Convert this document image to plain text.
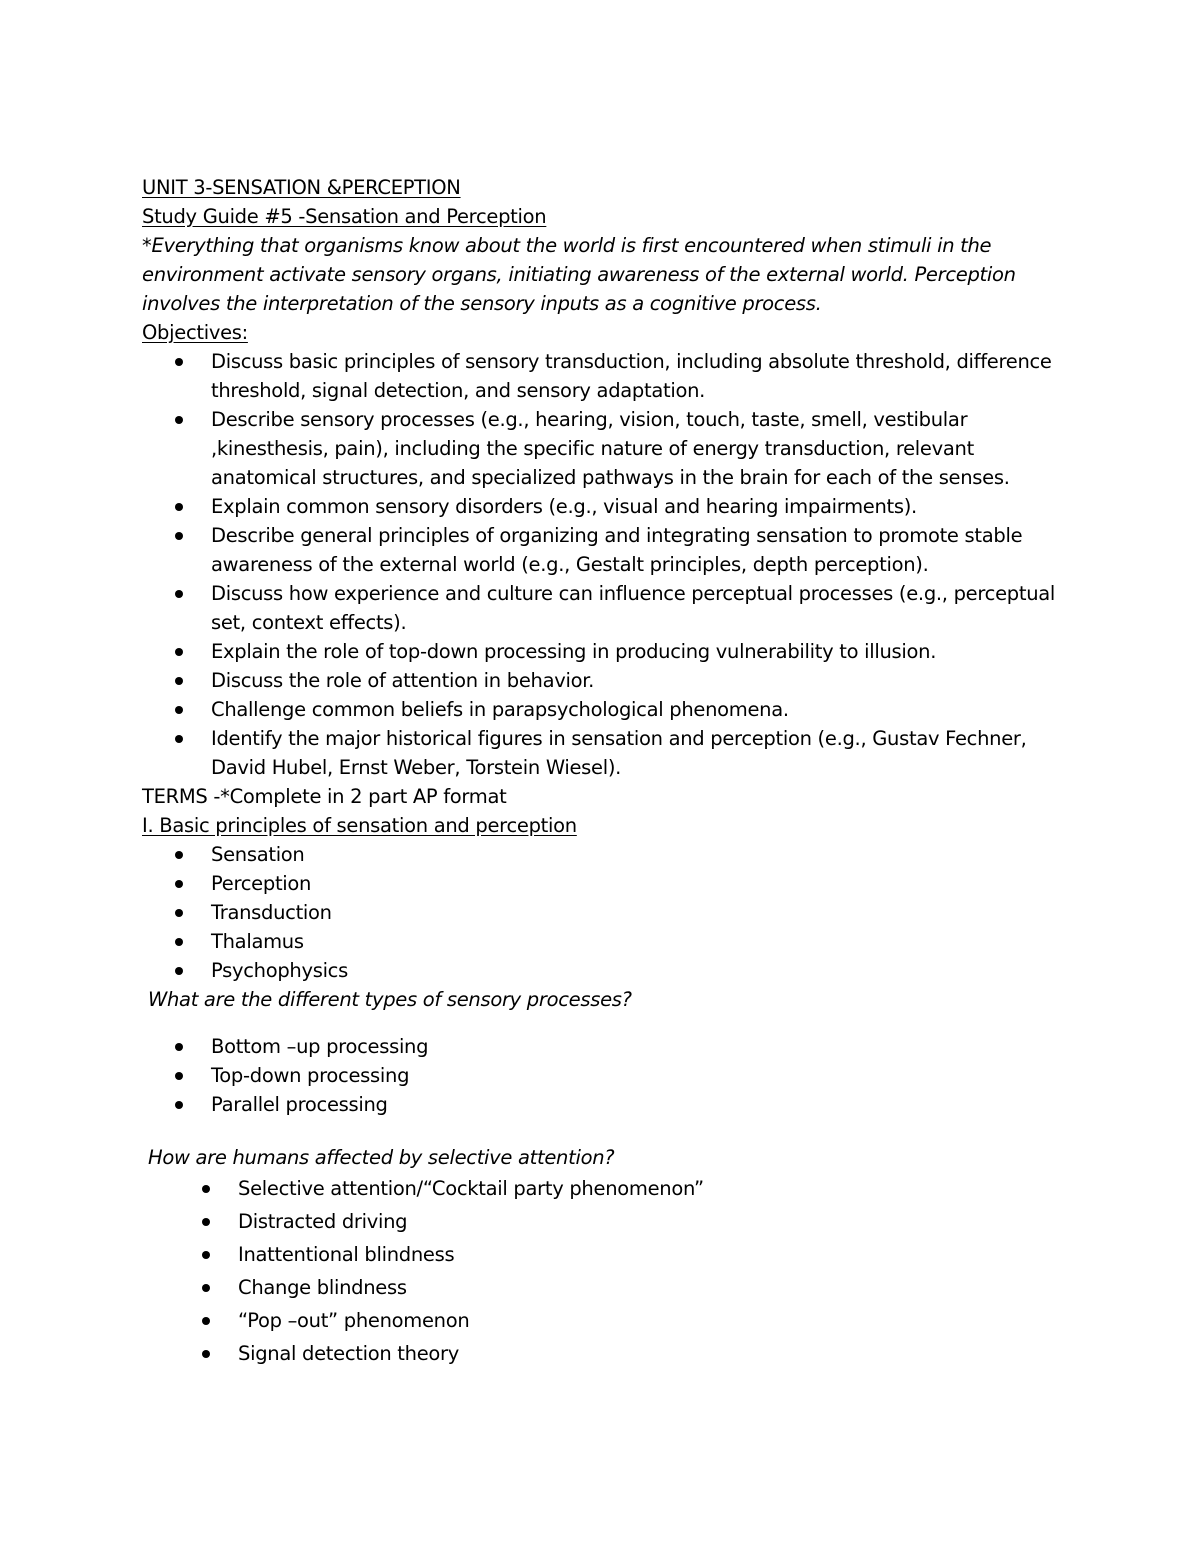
UNIT 3-SENSATION &PERCEPTION

Study Guide #5 -Sensation and Perception

*Everything that organisms know about the world is first encountered when stimuli in the environment activate sensory organs, initiating awareness of the external world. Perception involves the interpretation of the sensory inputs as a cognitive process.

Objectives:

Discuss basic principles of sensory transduction, including absolute threshold, difference threshold, signal detection, and sensory adaptation.
Describe sensory processes (e.g., hearing, vision, touch, taste, smell, vestibular ,kinesthesis, pain), including the specific nature of energy transduction, relevant anatomical structures, and specialized pathways in the brain for each of the senses.
Explain common sensory disorders (e.g., visual and hearing impairments).
Describe general principles of organizing and integrating sensation to promote stable awareness of the external world (e.g., Gestalt principles, depth perception).
Discuss how experience and culture can influence perceptual processes (e.g., perceptual set, context effects).
Explain the role of top-down processing in producing vulnerability to illusion.
Discuss the role of attention in behavior.
Challenge common beliefs in parapsychological phenomena.
Identify the major historical figures in sensation and perception (e.g., Gustav Fechner, David Hubel, Ernst Weber, Torstein Wiesel).

TERMS -*Complete in 2 part AP format

I. Basic principles of sensation and perception

Sensation
Perception
Transduction
Thalamus
Psychophysics

What are the different types of sensory processes?

Bottom –up processing
Top-down processing
Parallel processing

How are humans affected by selective attention?

Selective attention/“Cocktail party phenomenon”
Distracted driving
Inattentional blindness
Change blindness
“Pop –out” phenomenon
Signal detection theory
